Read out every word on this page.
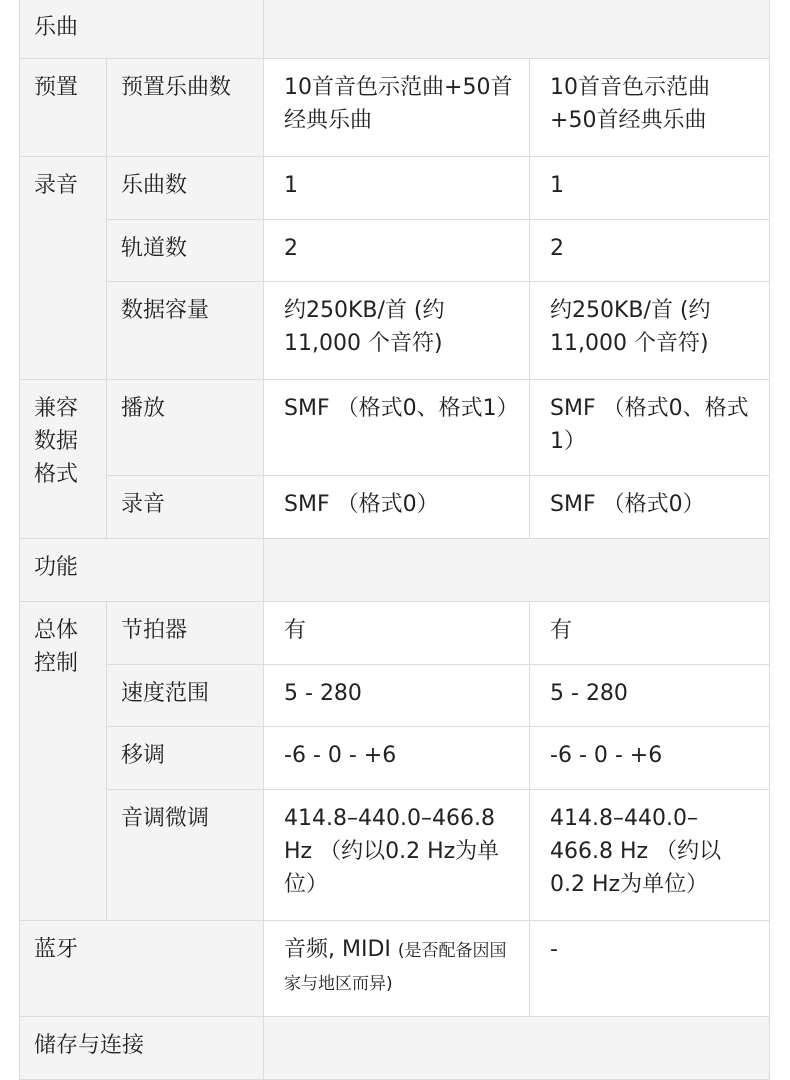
乐曲			
预置	预置乐曲数	10首音色示范曲+50首经典乐曲	10首音色示范曲+50首经典乐曲
录音	乐曲数	1	1
	轨道数	2	2
	数据容量	约250KB/首 (约11,000 个音符)	约250KB/首 (约11,000 个音符)
兼容数据格式	播放	SMF （格式0、格式1）	SMF （格式0、格式1）
	录音	SMF （格式0）	SMF （格式0）
功能			
总体控制	节拍器	有	有
	速度范围	5 - 280	5 - 280
	移调	-6 - 0 - +6	-6 - 0 - +6
	音调微调	414.8–440.0–466.8 Hz （约以0.2 Hz为单位）	414.8–440.0–466.8 Hz （约以0.2 Hz为单位）
蓝牙		音频, MIDI (是否配备因国家与地区而异)	-
储存与连接			
